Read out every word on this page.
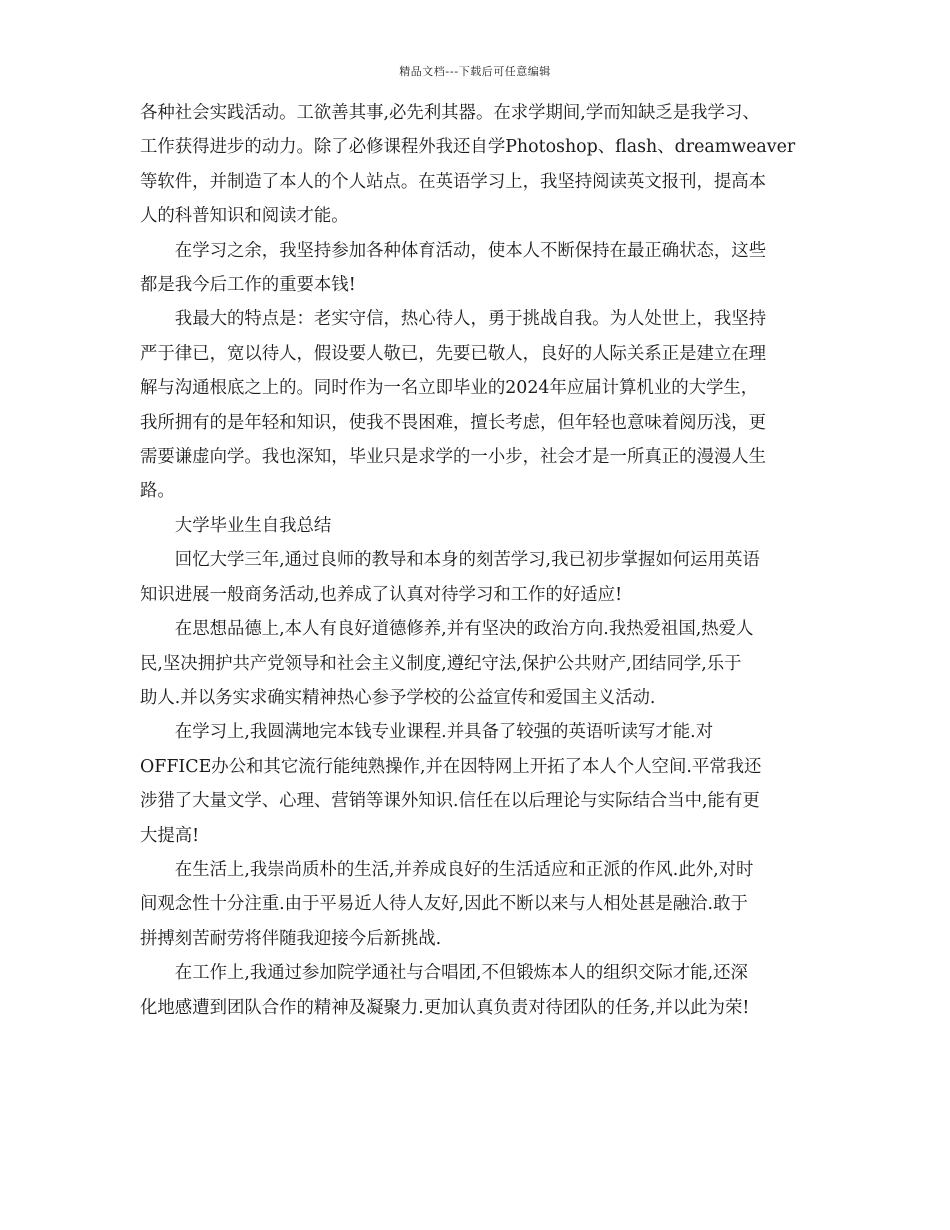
精品文档---下载后可任意编辑

各种社会实践活动。工欲善其事,必先利其器。在求学期间,学而知缺乏是我学习、
工作获得进步的动力。除了必修课程外我还自学Photoshop、flash、dreamweaver
等软件，并制造了本人的个人站点。在英语学习上，我坚持阅读英文报刊，提高本
人的科普知识和阅读才能。

在学习之余，我坚持参加各种体育活动，使本人不断保持在最正确状态，这些
都是我今后工作的重要本钱!

我最大的特点是：老实守信，热心待人，勇于挑战自我。为人处世上，我坚持
严于律已，宽以待人，假设要人敬已，先要已敬人，良好的人际关系正是建立在理
解与沟通根底之上的。同时作为一名立即毕业的2024年应届计算机业的大学生，
我所拥有的是年轻和知识，使我不畏困难，擅长考虑，但年轻也意味着阅历浅，更
需要谦虚向学。我也深知，毕业只是求学的一小步，社会才是一所真正的漫漫人生
路。

大学毕业生自我总结

回忆大学三年,通过良师的教导和本身的刻苦学习,我已初步掌握如何运用英语
知识进展一般商务活动,也养成了认真对待学习和工作的好适应!

在思想品德上,本人有良好道德修养,并有坚决的政治方向.我热爱祖国,热爱人
民,坚决拥护共产党领导和社会主义制度,遵纪守法,保护公共财产,团结同学,乐于
助人.并以务实求确实精神热心参予学校的公益宣传和爱国主义活动.

在学习上,我圆满地完本钱专业课程.并具备了较强的英语听读写才能.对
OFFICE办公和其它流行能纯熟操作,并在因特网上开拓了本人个人空间.平常我还
涉猎了大量文学、心理、营销等课外知识.信任在以后理论与实际结合当中,能有更
大提高!

在生活上,我崇尚质朴的生活,并养成良好的生活适应和正派的作风.此外,对时
间观念性十分注重.由于平易近人待人友好,因此不断以来与人相处甚是融洽.敢于
拼搏刻苦耐劳将伴随我迎接今后新挑战.

在工作上,我通过参加院学通社与合唱团,不但锻炼本人的组织交际才能,还深
化地感遭到团队合作的精神及凝聚力.更加认真负责对待团队的任务,并以此为荣!
